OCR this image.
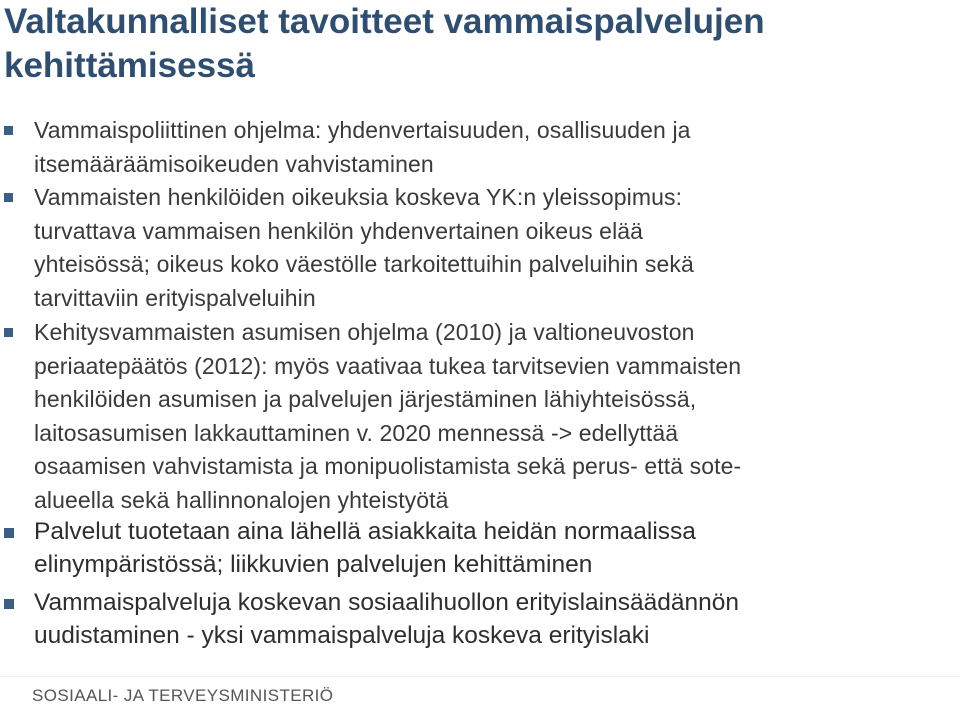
Valtakunnalliset tavoitteet vammaispalvelujen
kehittämisessä
Vammaispoliittinen ohjelma: yhdenvertaisuuden, osallisuuden ja
itsemääräämisoikeuden vahvistaminen
Vammaisten henkilöiden oikeuksia koskeva YK:n yleissopimus:
turvattava vammaisen henkilön yhdenvertainen oikeus elää
yhteisössä; oikeus koko väestölle tarkoitettuihin palveluihin sekä
tarvittaviin erityispalveluihin
Kehitysvammaisten asumisen ohjelma (2010) ja valtioneuvoston
periaatepäätös (2012): myös vaativaa tukea tarvitsevien vammaisten
henkilöiden asumisen ja palvelujen järjestäminen lähiyhteisössä,
laitosasumisen lakkauttaminen v. 2020 mennessä -> edellyttää
osaamisen vahvistamista ja monipuolistamista sekä perus- että sote-
alueella sekä hallinnonalojen yhteistyötä
Palvelut tuotetaan aina lähellä asiakkaita heidän normaalissa
elinympäristössä; liikkuvien palvelujen kehittäminen
Vammaispalveluja koskevan sosiaalihuollon erityislainsäädännön
uudistaminen - yksi vammaispalveluja koskeva erityislaki
SOSIAALI- JA TERVEYSMINISTERIÖ
